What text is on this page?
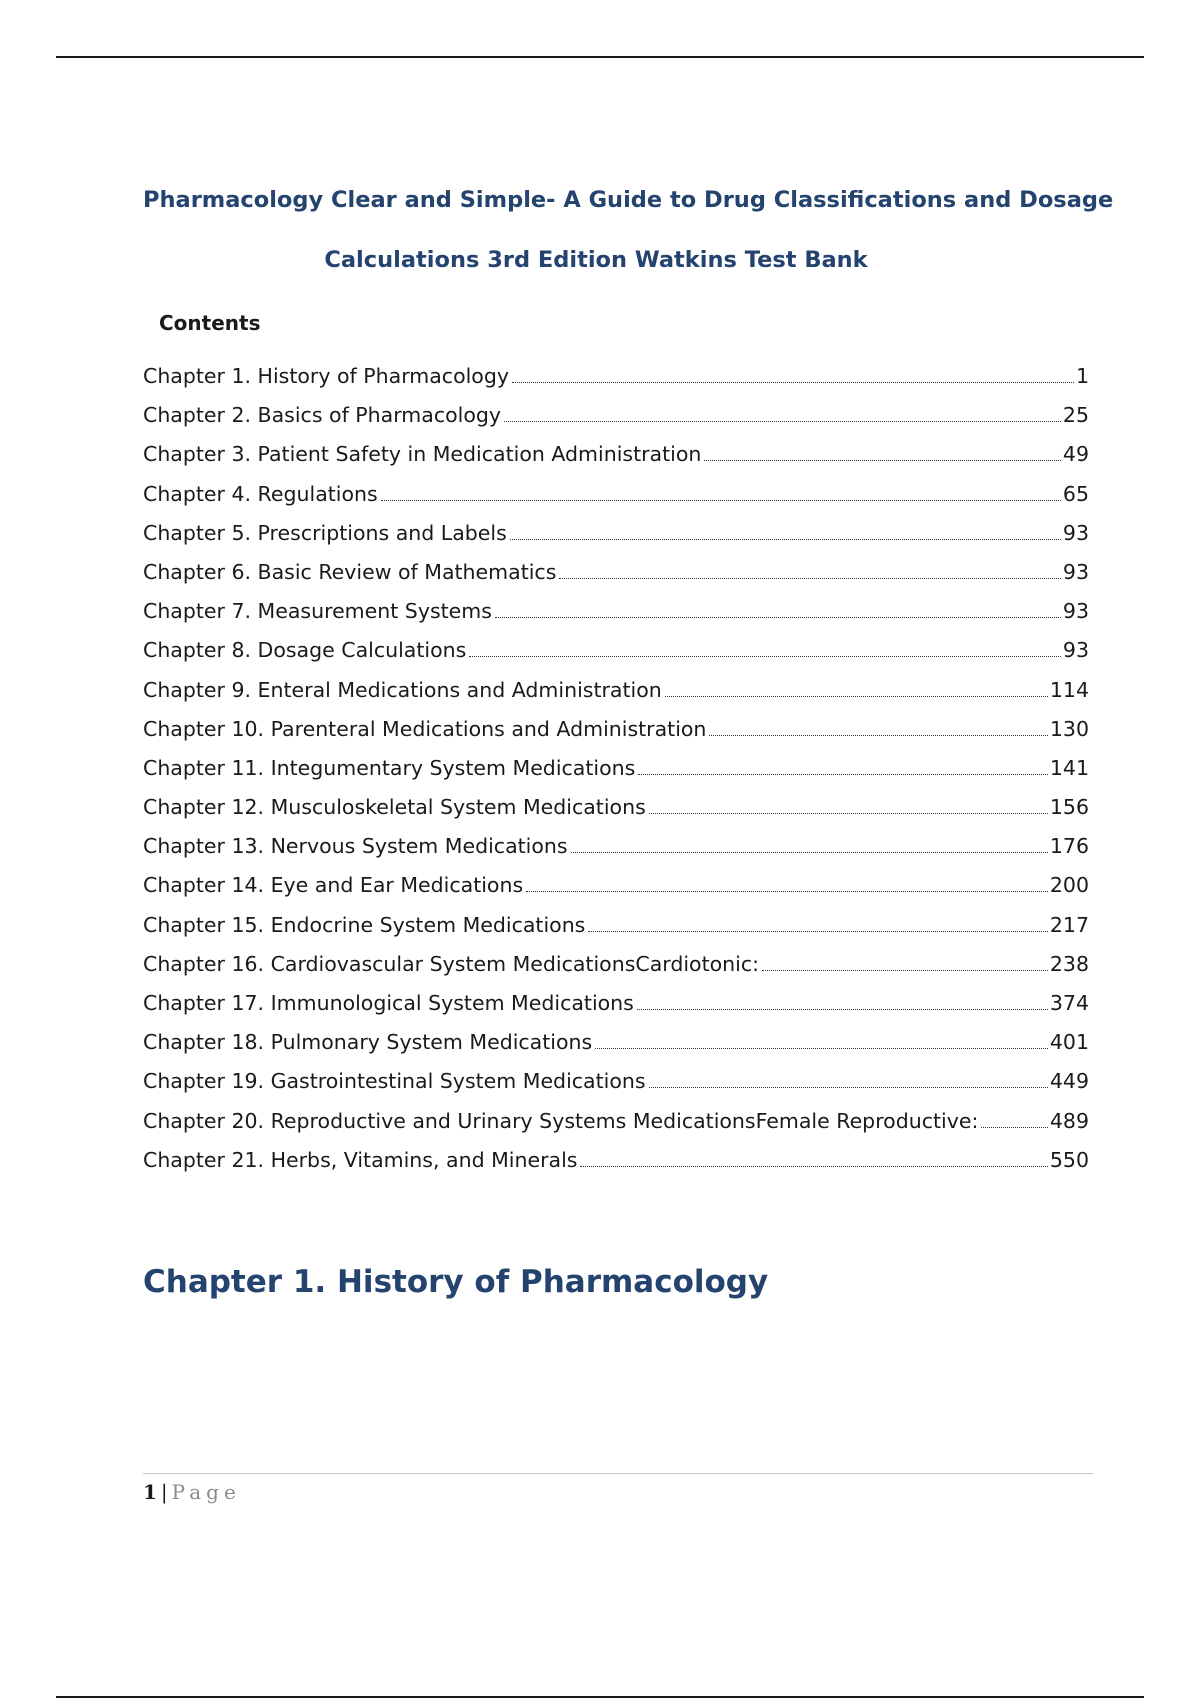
Pharmacology Clear and Simple- A Guide to Drug Classifications and Dosage
Calculations 3rd Edition Watkins Test Bank
Contents
Chapter 1. History of Pharmacology	1
Chapter 2. Basics of Pharmacology	25
Chapter 3. Patient Safety in Medication Administration	49
Chapter 4. Regulations	65
Chapter 5. Prescriptions and Labels	93
Chapter 6. Basic Review of Mathematics	93
Chapter 7. Measurement Systems	93
Chapter 8. Dosage Calculations	93
Chapter 9. Enteral Medications and Administration	114
Chapter 10. Parenteral Medications and Administration	130
Chapter 11. Integumentary System Medications	141
Chapter 12. Musculoskeletal System Medications	156
Chapter 13. Nervous System Medications	176
Chapter 14. Eye and Ear Medications	200
Chapter 15. Endocrine System Medications	217
Chapter 16. Cardiovascular System MedicationsCardiotonic:	238
Chapter 17. Immunological System Medications	374
Chapter 18. Pulmonary System Medications	401
Chapter 19. Gastrointestinal System Medications	449
Chapter 20. Reproductive and Urinary Systems MedicationsFemale Reproductive:	489
Chapter 21. Herbs, Vitamins, and Minerals	550
Chapter 1. History of Pharmacology
1 | Page
